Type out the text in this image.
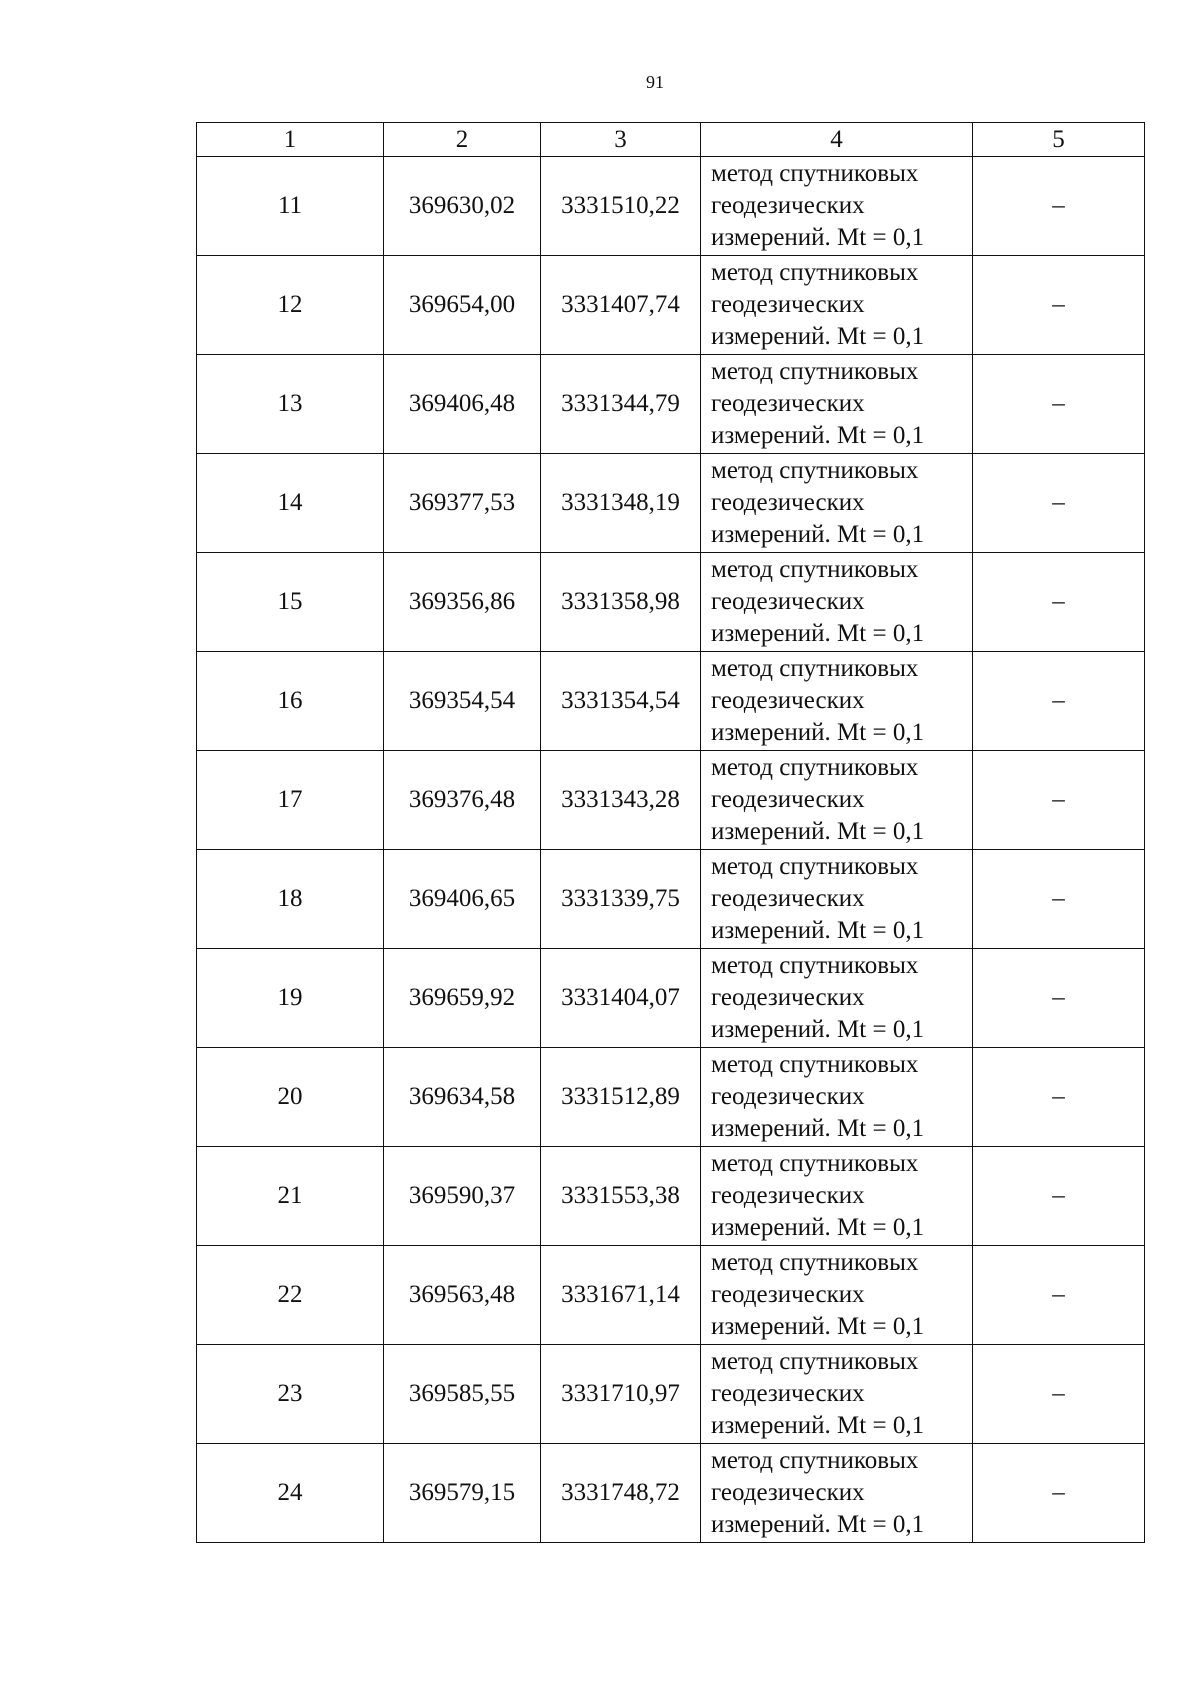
91
1	2	3	4	5
11	369630,02	3331510,22	метод спутниковых
геодезических
измерений. Mt = 0,1	–
12	369654,00	3331407,74	метод спутниковых
геодезических
измерений. Mt = 0,1	–
13	369406,48	3331344,79	метод спутниковых
геодезических
измерений. Mt = 0,1	–
14	369377,53	3331348,19	метод спутниковых
геодезических
измерений. Mt = 0,1	–
15	369356,86	3331358,98	метод спутниковых
геодезических
измерений. Mt = 0,1	–
16	369354,54	3331354,54	метод спутниковых
геодезических
измерений. Mt = 0,1	–
17	369376,48	3331343,28	метод спутниковых
геодезических
измерений. Mt = 0,1	–
18	369406,65	3331339,75	метод спутниковых
геодезических
измерений. Mt = 0,1	–
19	369659,92	3331404,07	метод спутниковых
геодезических
измерений. Mt = 0,1	–
20	369634,58	3331512,89	метод спутниковых
геодезических
измерений. Mt = 0,1	–
21	369590,37	3331553,38	метод спутниковых
геодезических
измерений. Mt = 0,1	–
22	369563,48	3331671,14	метод спутниковых
геодезических
измерений. Mt = 0,1	–
23	369585,55	3331710,97	метод спутниковых
геодезических
измерений. Mt = 0,1	–
24	369579,15	3331748,72	метод спутниковых
геодезических
измерений. Mt = 0,1	–
